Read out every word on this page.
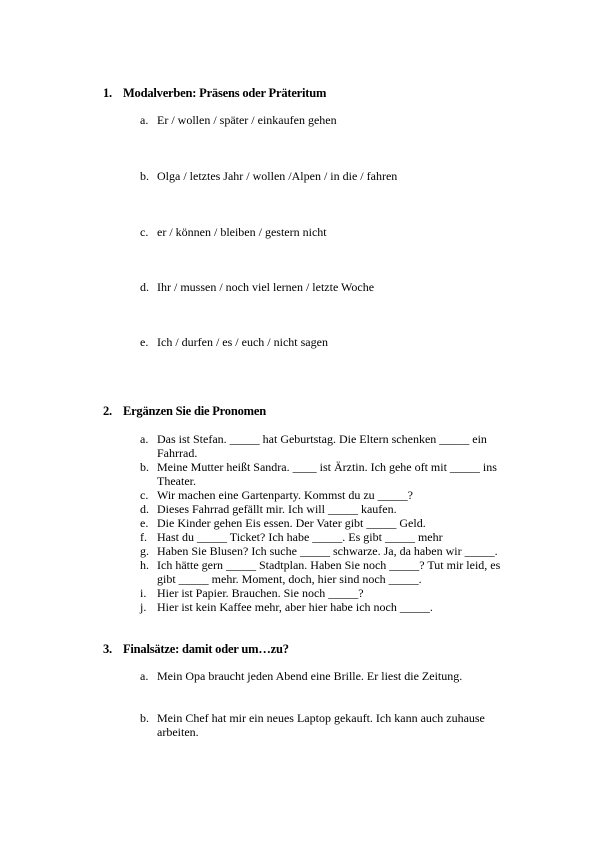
1. Modalverben: Präsens oder Präteritum
a. Er / wollen / später / einkaufen gehen
b. Olga / letztes Jahr / wollen /Alpen / in die / fahren
c. er / können / bleiben / gestern nicht
d. Ihr / mussen / noch viel lernen / letzte Woche
e. Ich / durfen / es / euch / nicht sagen
2. Ergänzen Sie die Pronomen
a. Das ist Stefan. _____ hat Geburtstag. Die Eltern schenken _____ ein Fahrrad.
b. Meine Mutter heißt Sandra. ____ ist Ärztin. Ich gehe oft mit _____ ins Theater.
c. Wir machen eine Gartenparty. Kommst du zu _____?
d. Dieses Fahrrad gefällt mir. Ich will _____ kaufen.
e. Die Kinder gehen Eis essen. Der Vater gibt _____ Geld.
f. Hast du _____ Ticket? Ich habe _____. Es gibt _____ mehr
g. Haben Sie Blusen? Ich suche _____ schwarze. Ja, da haben wir _____.
h. Ich hätte gern _____ Stadtplan. Haben Sie noch _____? Tut mir leid, es gibt _____ mehr. Moment, doch, hier sind noch _____.
i. Hier ist Papier. Brauchen. Sie noch _____?
j. Hier ist kein Kaffee mehr, aber hier habe ich noch _____.
3. Finalsätze: damit oder um…zu?
a. Mein Opa braucht jeden Abend eine Brille. Er liest die Zeitung.
b. Mein Chef hat mir ein neues Laptop gekauft. Ich kann auch zuhause arbeiten.
